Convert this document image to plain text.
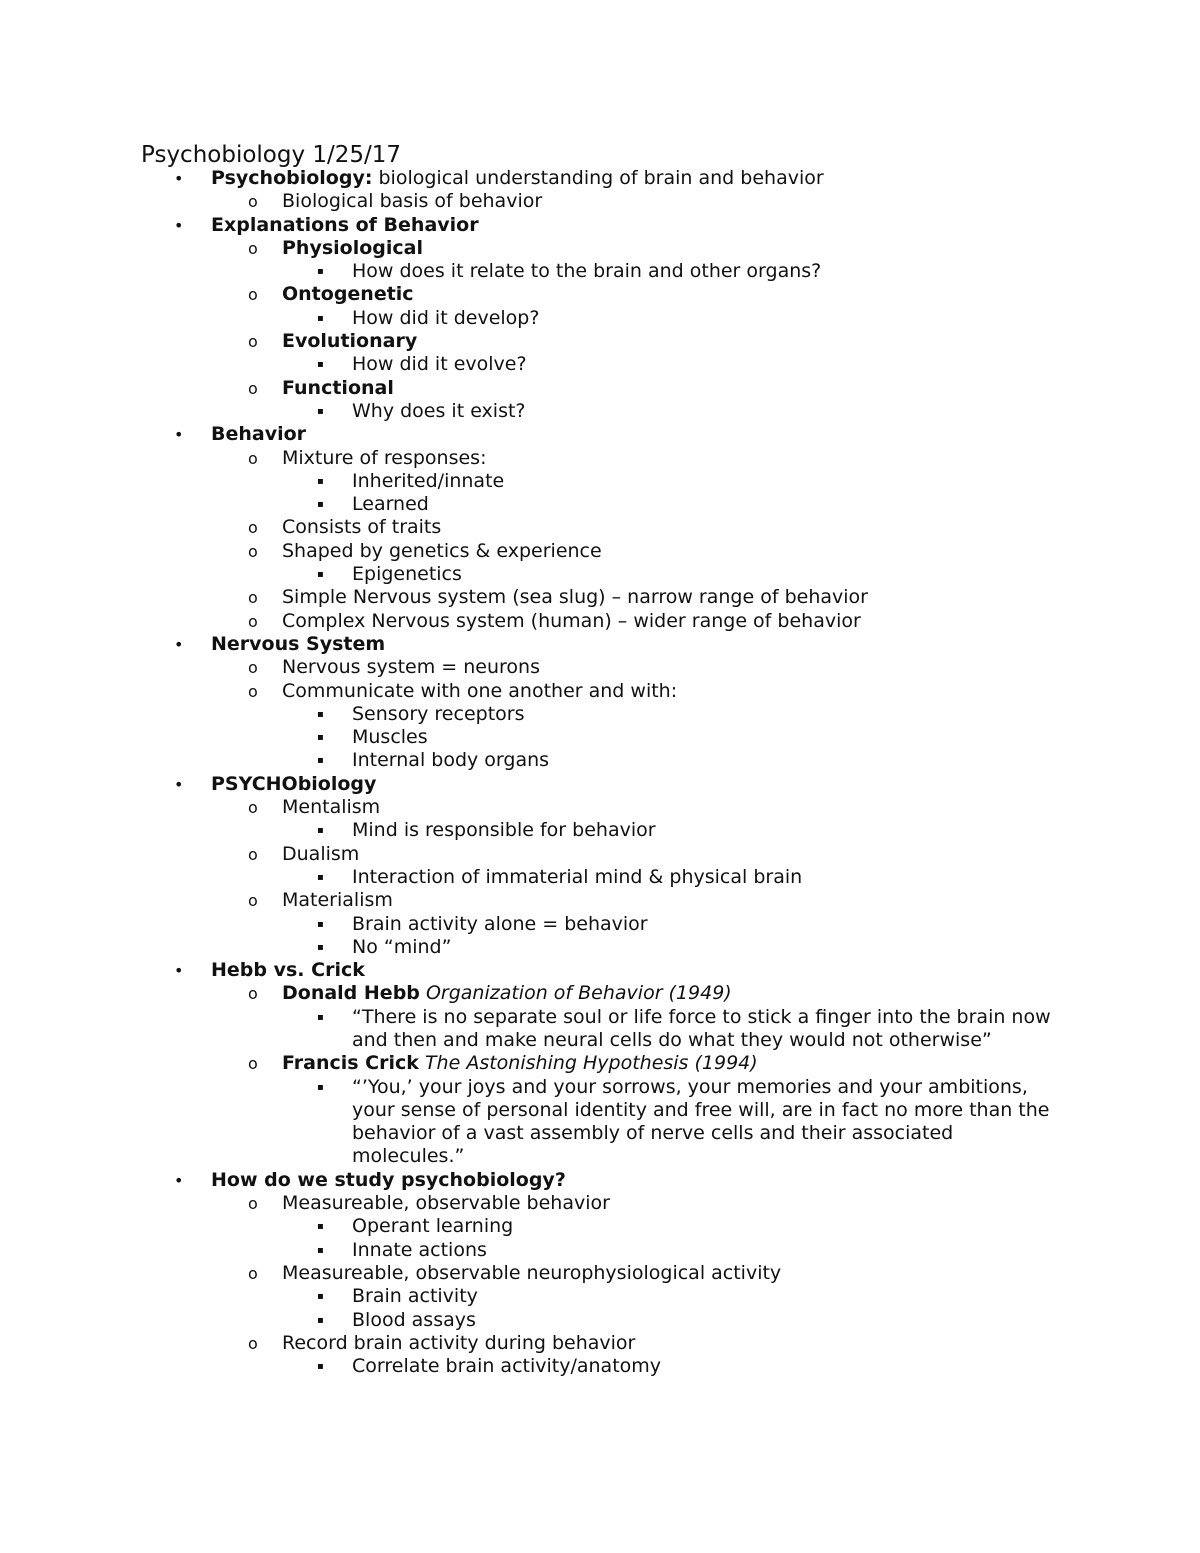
Psychobiology 1/25/17
• Psychobiology: biological understanding of brain and behavior
o Biological basis of behavior
• Explanations of Behavior
o Physiological
▪ How does it relate to the brain and other organs?
o Ontogenetic
▪ How did it develop?
o Evolutionary
▪ How did it evolve?
o Functional
▪ Why does it exist?
• Behavior
o Mixture of responses:
▪ Inherited/innate
▪ Learned
o Consists of traits
o Shaped by genetics & experience
▪ Epigenetics
o Simple Nervous system (sea slug) – narrow range of behavior
o Complex Nervous system (human) – wider range of behavior
• Nervous System
o Nervous system = neurons
o Communicate with one another and with:
▪ Sensory receptors
▪ Muscles
▪ Internal body organs
• PSYCHObiology
o Mentalism
▪ Mind is responsible for behavior
o Dualism
▪ Interaction of immaterial mind & physical brain
o Materialism
▪ Brain activity alone = behavior
▪ No “mind”
• Hebb vs. Crick
o Donald Hebb Organization of Behavior (1949)
▪ “There is no separate soul or life force to stick a finger into the brain now and then and make neural cells do what they would not otherwise”
o Francis Crick The Astonishing Hypothesis (1994)
▪ “’You,’ your joys and your sorrows, your memories and your ambitions, your sense of personal identity and free will, are in fact no more than the behavior of a vast assembly of nerve cells and their associated molecules.”
• How do we study psychobiology?
o Measureable, observable behavior
▪ Operant learning
▪ Innate actions
o Measureable, observable neurophysiological activity
▪ Brain activity
▪ Blood assays
o Record brain activity during behavior
▪ Correlate brain activity/anatomy
